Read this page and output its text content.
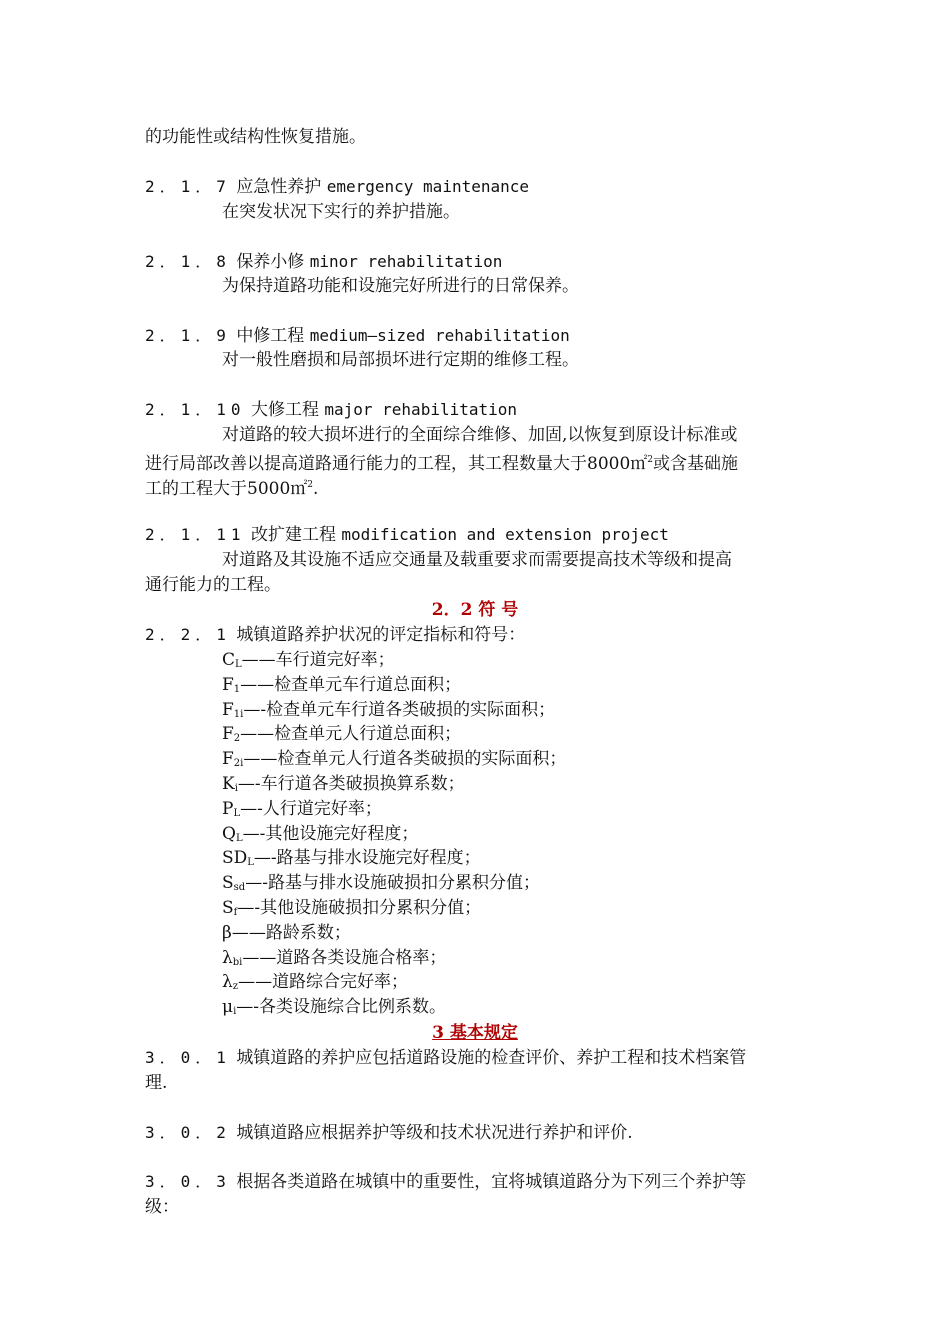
的功能性或结构性恢复措施。
2．1．7 应急性养护 emergency maintenance
在突发状况下实行的养护措施。
2．1．8 保养小修 minor rehabilitation
为保持道路功能和设施完好所进行的日常保养。
2．1．9 中修工程 medium—sized rehabilitation
对一般性磨损和局部损坏进行定期的维修工程。
2．1．10 大修工程 major rehabilitation
对道路的较大损坏进行的全面综合维修、加固,以恢复到原设计标准或
进行局部改善以提高道路通行能力的工程，其工程数量大于8000㎡$^2$或含基础施
工的工程大于5000㎡$^2$.
2．1．11 改扩建工程 modification and extension project
对道路及其设施不适应交通量及载重要求而需要提高技术等级和提高
通行能力的工程。
2．2 符 号
2．2．1 城镇道路养护状况的评定指标和符号：
$C_L——$车行道完好率；
$F_1——$检查单元车行道总面积；
$F_{1i}—-$检查单元车行道各类破损的实际面积；
$F_2——$检查单元人行道总面积；
$F_{2i}——$检查单元人行道各类破损的实际面积；
$K_i—-$车行道各类破损换算系数；
$P_L—-$人行道完好率；
$Q_L—-$其他设施完好程度；
$SD_L—-$路基与排水设施完好程度；
$S_{sd}—-$路基与排水设施破损扣分累积分值；
$S_f—-$其他设施破损扣分累积分值；
β——路龄系数；
$\lambda_{bi}——$道路各类设施合格率；
$\lambda_z——$道路综合完好率；
$\mu_i—-$各类设施综合比例系数。
3 基本规定
3．0．1 城镇道路的养护应包括道路设施的检查评价、养护工程和技术档案管
理.
3．0．2 城镇道路应根据养护等级和技术状况进行养护和评价.
3．0．3 根据各类道路在城镇中的重要性，宜将城镇道路分为下列三个养护等
级：
